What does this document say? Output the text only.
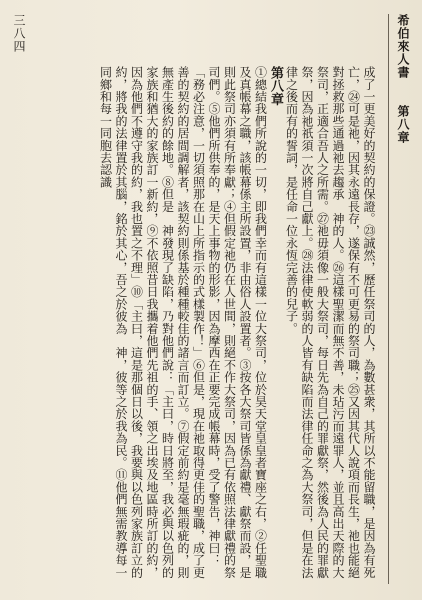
希伯來人書　　第八章
三八四

成了一更美好的契約的保證。㉓誠然，歷任祭司的人，為數甚衆，其所以不能留職，是因為有死亡，㉔可是祂，因其永遠長存，遂保有不可更易的祭司職；㉕又因其代人說項而長生，祂也能絕對拯救那些通過祂去趨承　神的人。㉖這樣聖潔而無不善，未玷污而遠罪人，並且高出天際的大祭司，正適合吾人之所需。㉗祂毋須像一般大祭司，每日先為自己的罪獻祭，然後為人民的罪獻祭，因為祂祇須一次將自己獻上。㉘法律使軟弱的人皆有缺陷而法律任命之為大祭司，但是在法律之後而有的誓詞，是任命一位永恆完善的兒子。

第八章

①總結我們所說的一切，即我們幸而有這樣一位大祭司，位於昊天堂皇皇者寶座之右，②任聖職及真帳幕之職，該帳幕係主所設置，非由俗人設置者。③按各大祭司皆係為獻禮、獻祭而設，是則此祭司亦須有所奉獻；④但假定祂仍在人世間，則絕不作大祭司，因為已有依照法律獻禮的祭司們。⑤他們所供奉的，是天上事物的形影，因為摩西在正要完成帳幕時，受了警告，神曰：「務必注意，一切須照那在山上所指示的式樣製作！」⑥但是，現在祂取得更佳的聖職，成了更善的契約的居間調解者，該契約則係基於種種較佳的諸言而訂立。⑦假定前約是毫無瑕疵的，則無產生後約的餘地。⑧但是　神發現了缺陷，乃對他們說：「主曰，時日將至，我必與以色列的家族和猶大的家族訂一新約，⑨不依照昔日我攜着他們先祖的手、領之出埃及地區時所訂的約，因為他們不遵守我的約，我也置之不理」⑩「主曰，這是那個日以後，我要與以色列家族訂立的約，將我的法律置於其腦，銘於其心，吾之於彼為　神，彼等之於我為民。⑪他們無需教導每一同鄉和每一同胞去認識
